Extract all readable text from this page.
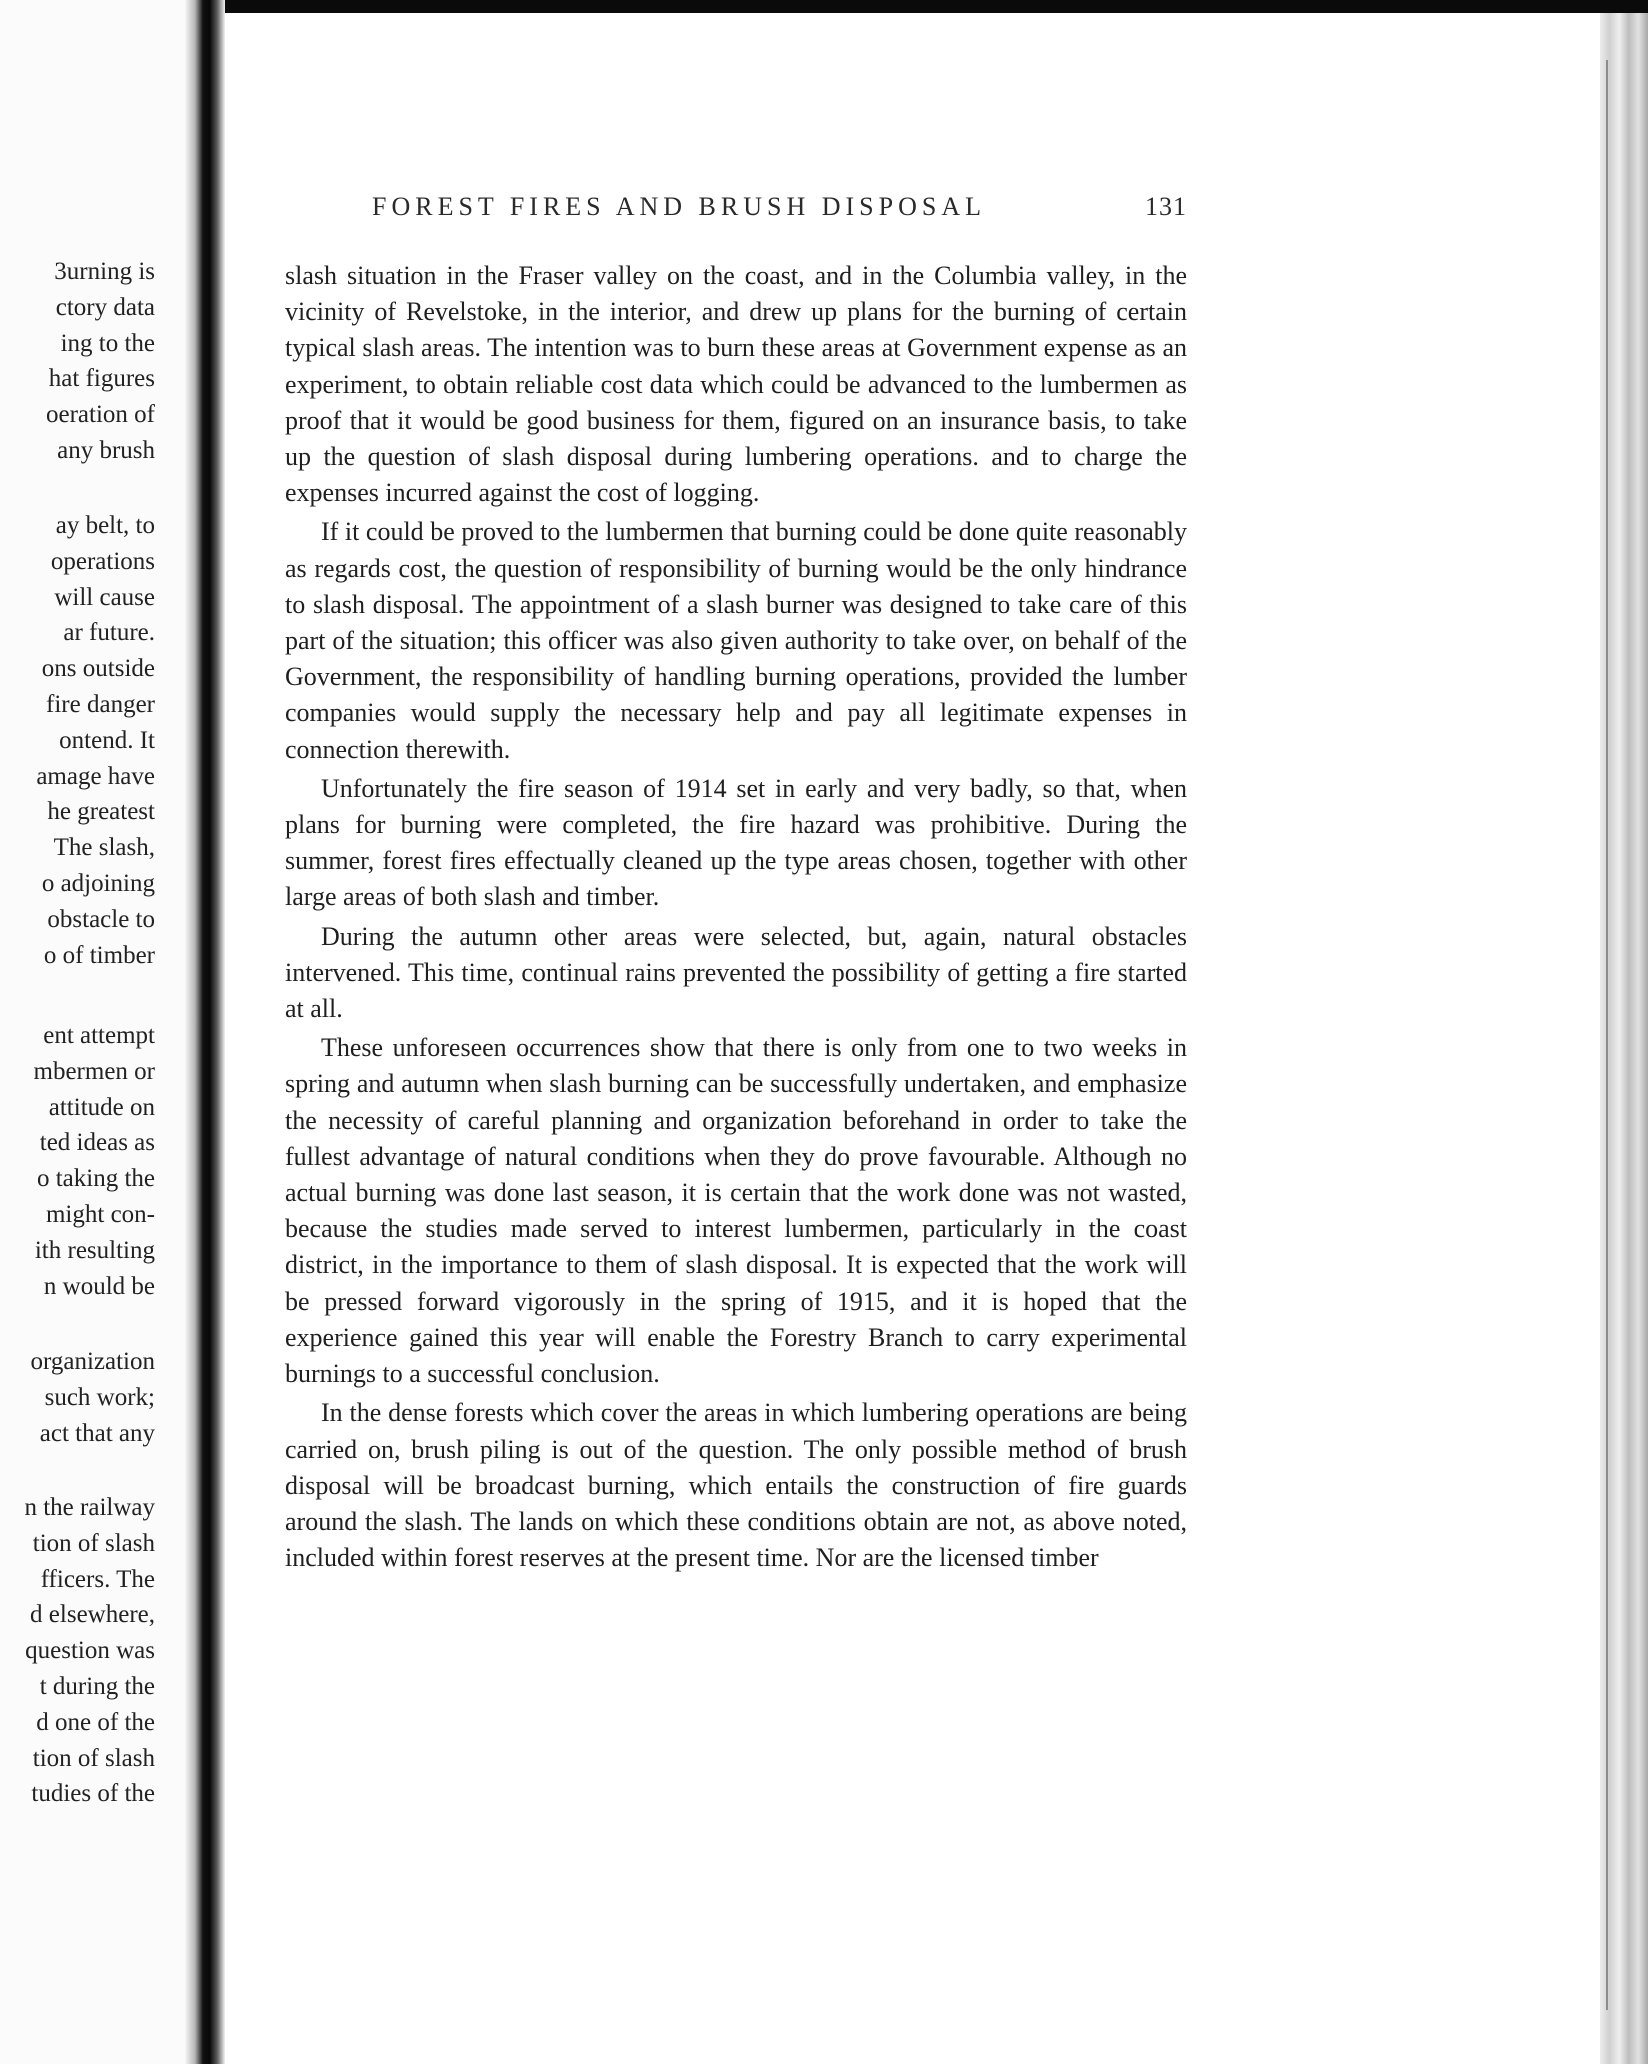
3urning is
ctory data
ing to the
hat figures
oeration of
any brush
ay belt, to
operations
will cause
ar future.
ons outside
fire danger
ontend. It
amage have
he greatest
The slash,
o adjoining
obstacle to
o of timber
ent attempt
mbermen or
attitude on
ted ideas as
o taking the
might con-
ith resulting
n would be
organization
such work;
act that any
n the railway
tion of slash
fficers. The
d elsewhere,
question was
t during the
d one of the
tion of slash
tudies of the
FOREST FIRES AND BRUSH DISPOSAL	131

slash situation in the Fraser valley on the coast, and in the Columbia valley, in the vicinity of Revelstoke, in the interior, and drew up plans for the burning of certain typical slash areas. The intention was to burn these areas at Government expense as an experiment, to obtain reliable cost data which could be advanced to the lumbermen as proof that it would be good business for them, figured on an insurance basis, to take up the question of slash disposal during lumbering operations. and to charge the expenses incurred against the cost of logging.

If it could be proved to the lumbermen that burning could be done quite reasonably as regards cost, the question of responsibility of burning would be the only hindrance to slash disposal. The appointment of a slash burner was designed to take care of this part of the situation; this officer was also given authority to take over, on behalf of the Government, the responsibility of handling burning operations, provided the lumber companies would supply the necessary help and pay all legitimate expenses in connection therewith.

Unfortunately the fire season of 1914 set in early and very badly, so that, when plans for burning were completed, the fire hazard was prohibitive. During the summer, forest fires effectually cleaned up the type areas chosen, together with other large areas of both slash and timber.

During the autumn other areas were selected, but, again, natural obstacles intervened. This time, continual rains prevented the possibility of getting a fire started at all.

These unforeseen occurrences show that there is only from one to two weeks in spring and autumn when slash burning can be successfully undertaken, and emphasize the necessity of careful planning and organization beforehand in order to take the fullest advantage of natural conditions when they do prove favourable. Although no actual burning was done last season, it is certain that the work done was not wasted, because the studies made served to interest lumbermen, particularly in the coast district, in the importance to them of slash disposal. It is expected that the work will be pressed forward vigorously in the spring of 1915, and it is hoped that the experience gained this year will enable the Forestry Branch to carry experimental burnings to a successful conclusion.

In the dense forests which cover the areas in which lumbering operations are being carried on, brush piling is out of the question. The only possible method of brush disposal will be broadcast burning, which entails the construction of fire guards around the slash. The lands on which these conditions obtain are not, as above noted, included within forest reserves at the present time. Nor are the licensed timber
